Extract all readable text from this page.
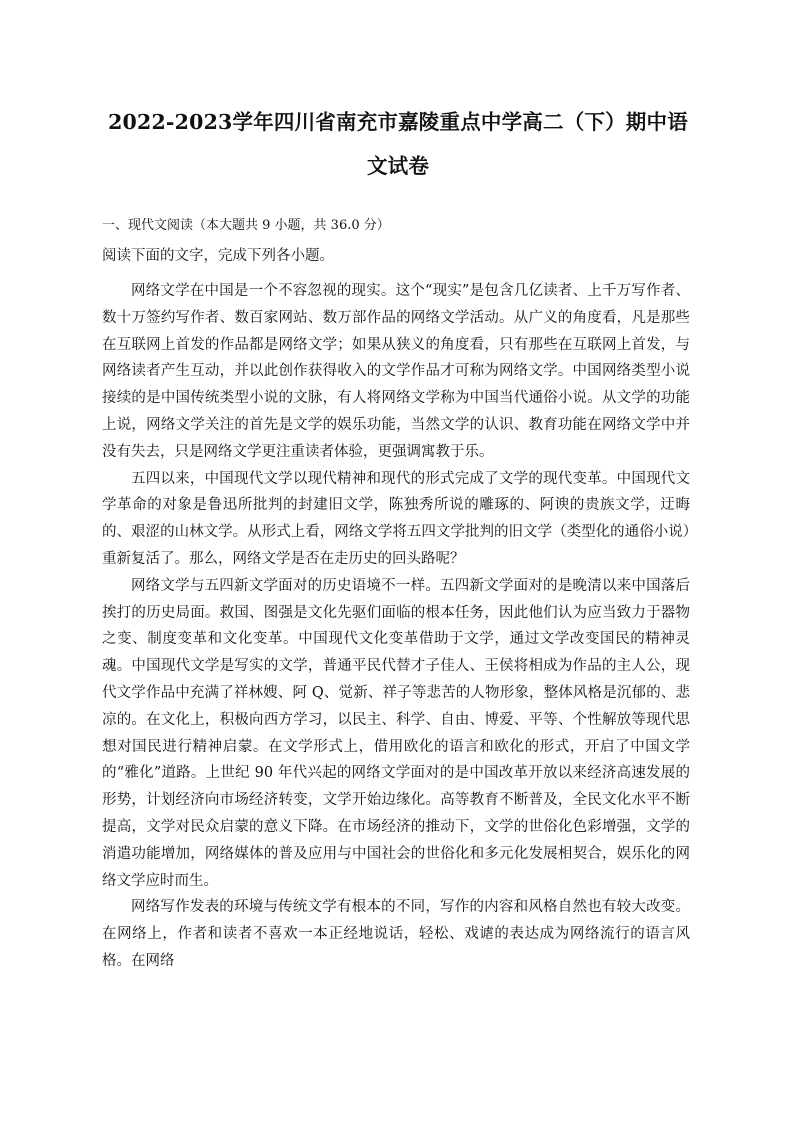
2022-2023学年四川省南充市嘉陵重点中学高二（下）期中语文试卷
一、现代文阅读（本大题共 9 小题，共 36.0 分）
阅读下面的文字，完成下列各小题。

网络文学在中国是一个不容忽视的现实。这个“现实”是包含几亿读者、上千万写作者、数十万签约写作者、数百家网站、数万部作品的网络文学活动。从广义的角度看，凡是那些在互联网上首发的作品都是网络文学；如果从狭义的角度看，只有那些在互联网上首发，与网络读者产生互动，并以此创作获得收入的文学作品才可称为网络文学。中国网络类型小说接续的是中国传统类型小说的文脉，有人将网络文学称为中国当代通俗小说。从文学的功能上说，网络文学关注的首先是文学的娱乐功能，当然文学的认识、教育功能在网络文学中并没有失去，只是网络文学更注重读者体验，更强调寓教于乐。

五四以来，中国现代文学以现代精神和现代的形式完成了文学的现代变革。中国现代文学革命的对象是鲁迅所批判的封建旧文学，陈独秀所说的雕琢的、阿谀的贵族文学，迂晦的、艰涩的山林文学。从形式上看，网络文学将五四文学批判的旧文学（类型化的通俗小说）重新复活了。那么，网络文学是否在走历史的回头路呢？

网络文学与五四新文学面对的历史语境不一样。五四新文学面对的是晚清以来中国落后挨打的历史局面。救国、图强是文化先驱们面临的根本任务，因此他们认为应当致力于器物之变、制度变革和文化变革。中国现代文化变革借助于文学，通过文学改变国民的精神灵魂。中国现代文学是写实的文学，普通平民代替才子佳人、王侯将相成为作品的主人公，现代文学作品中充满了祥林嫂、阿 Q、觉新、祥子等悲苦的人物形象，整体风格是沉郁的、悲凉的。在文化上，积极向西方学习，以民主、科学、自由、博爱、平等、个性解放等现代思想对国民进行精神启蒙。在文学形式上，借用欧化的语言和欧化的形式，开启了中国文学的“雅化”道路。上世纪 90 年代兴起的网络文学面对的是中国改革开放以来经济高速发展的形势，计划经济向市场经济转变，文学开始边缘化。高等教育不断普及，全民文化水平不断提高，文学对民众启蒙的意义下降。在市场经济的推动下，文学的世俗化色彩增强，文学的消遣功能增加，网络媒体的普及应用与中国社会的世俗化和多元化发展相契合，娱乐化的网络文学应时而生。

网络写作发表的环境与传统文学有根本的不同，写作的内容和风格自然也有较大改变。在网络上，作者和读者不喜欢一本正经地说话，轻松、戏谑的表达成为网络流行的语言风格。在网络
